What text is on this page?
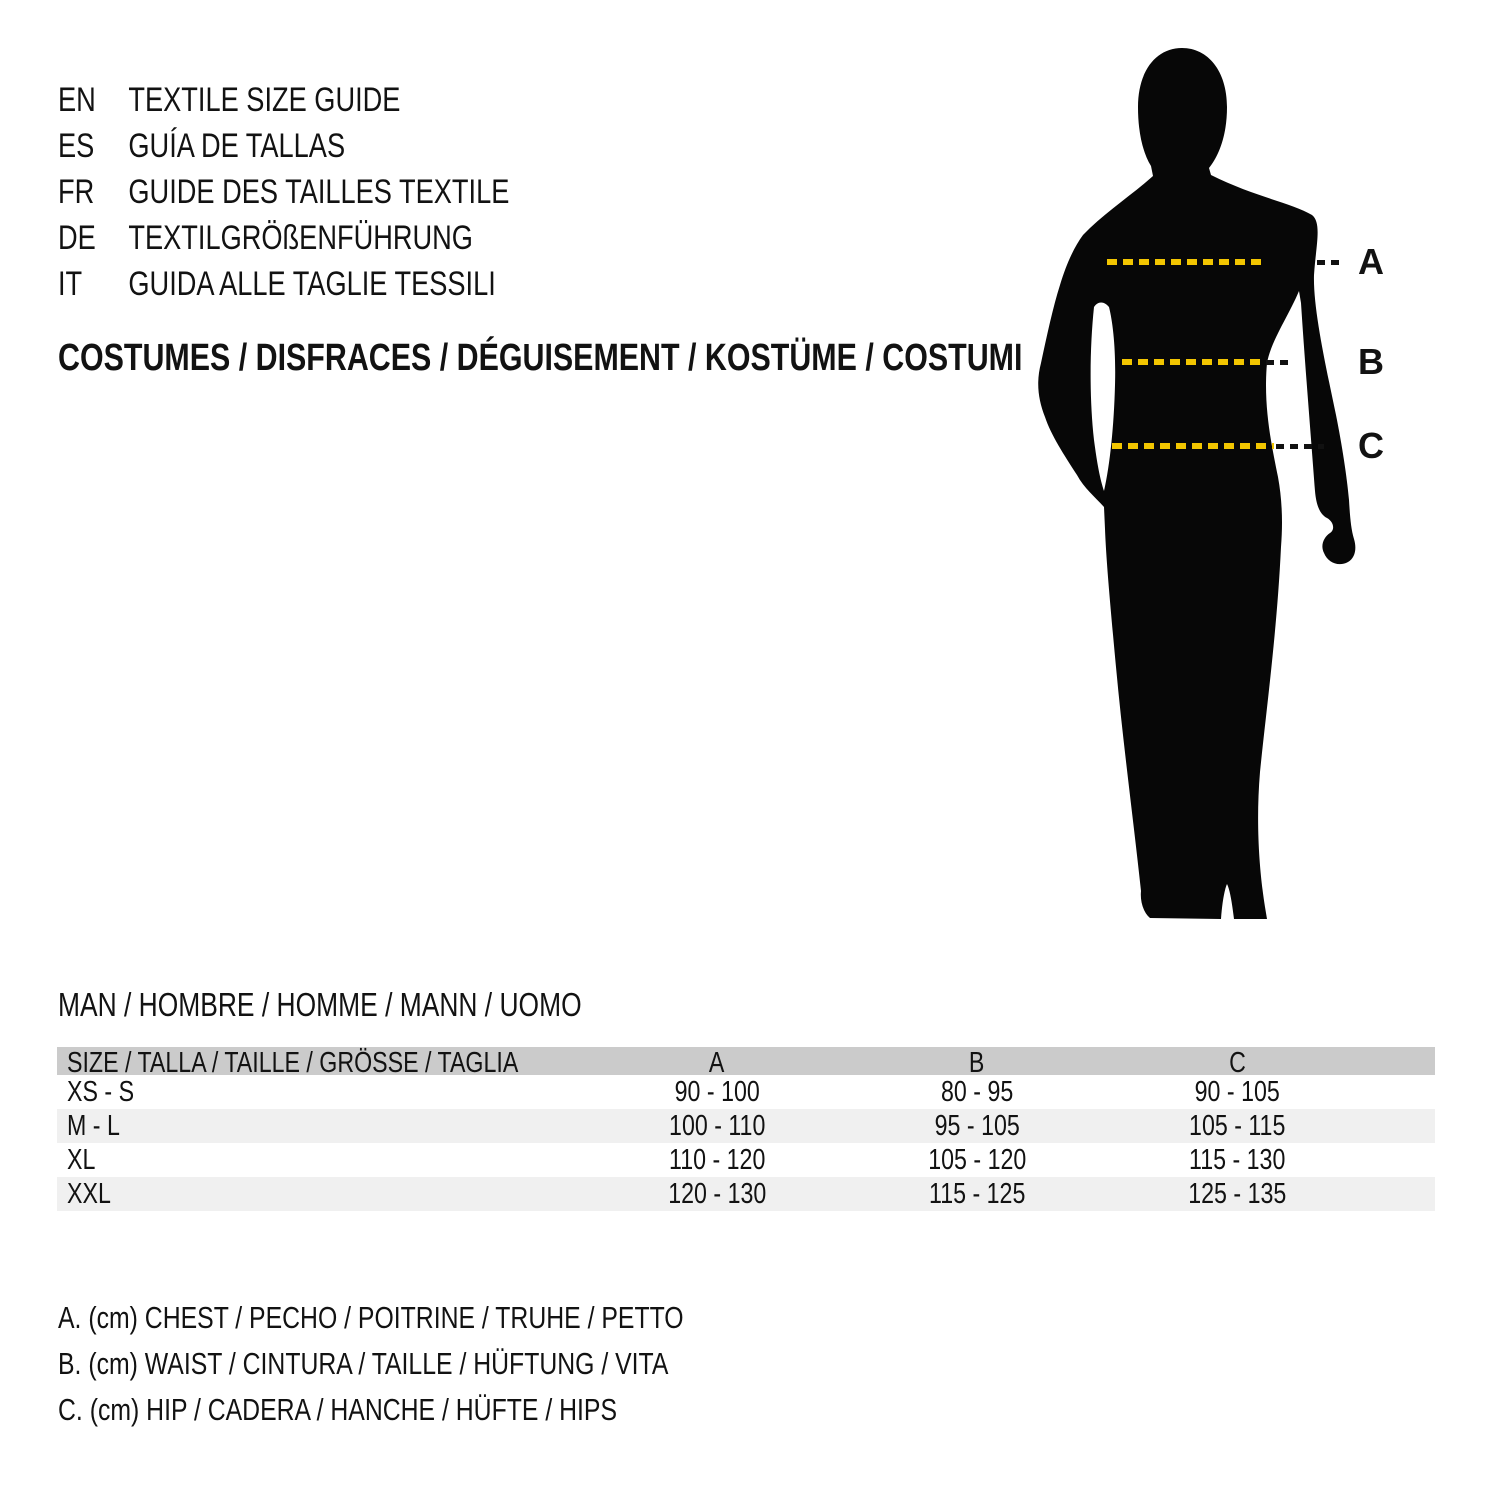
EN TEXTILE SIZE GUIDE
ES GUÍA DE TALLAS
FR GUIDE DES TAILLES TEXTILE
DE TEXTILGRÖßENFÜHRUNG
IT GUIDA ALLE TAGLIE TESSILI
COSTUMES / DISFRACES / DÉGUISEMENT / KOSTÜME / COSTUMI
A
B
C
MAN / HOMBRE / HOMME / MANN / UOMO
SIZE / TALLA / TAILLE / GRÖSSE / TAGLIA	A	B	C
XS - S	90 - 100	80 - 95	90 - 105
M - L	100 - 110	95 - 105	105 - 115
XL	110 - 120	105 - 120	115 - 130
XXL	120 - 130	115 - 125	125 - 135
A. (cm) CHEST / PECHO / POITRINE / TRUHE / PETTO
B. (cm) WAIST / CINTURA / TAILLE / HÜFTUNG / VITA
C. (cm) HIP / CADERA / HANCHE / HÜFTE / HIPS
